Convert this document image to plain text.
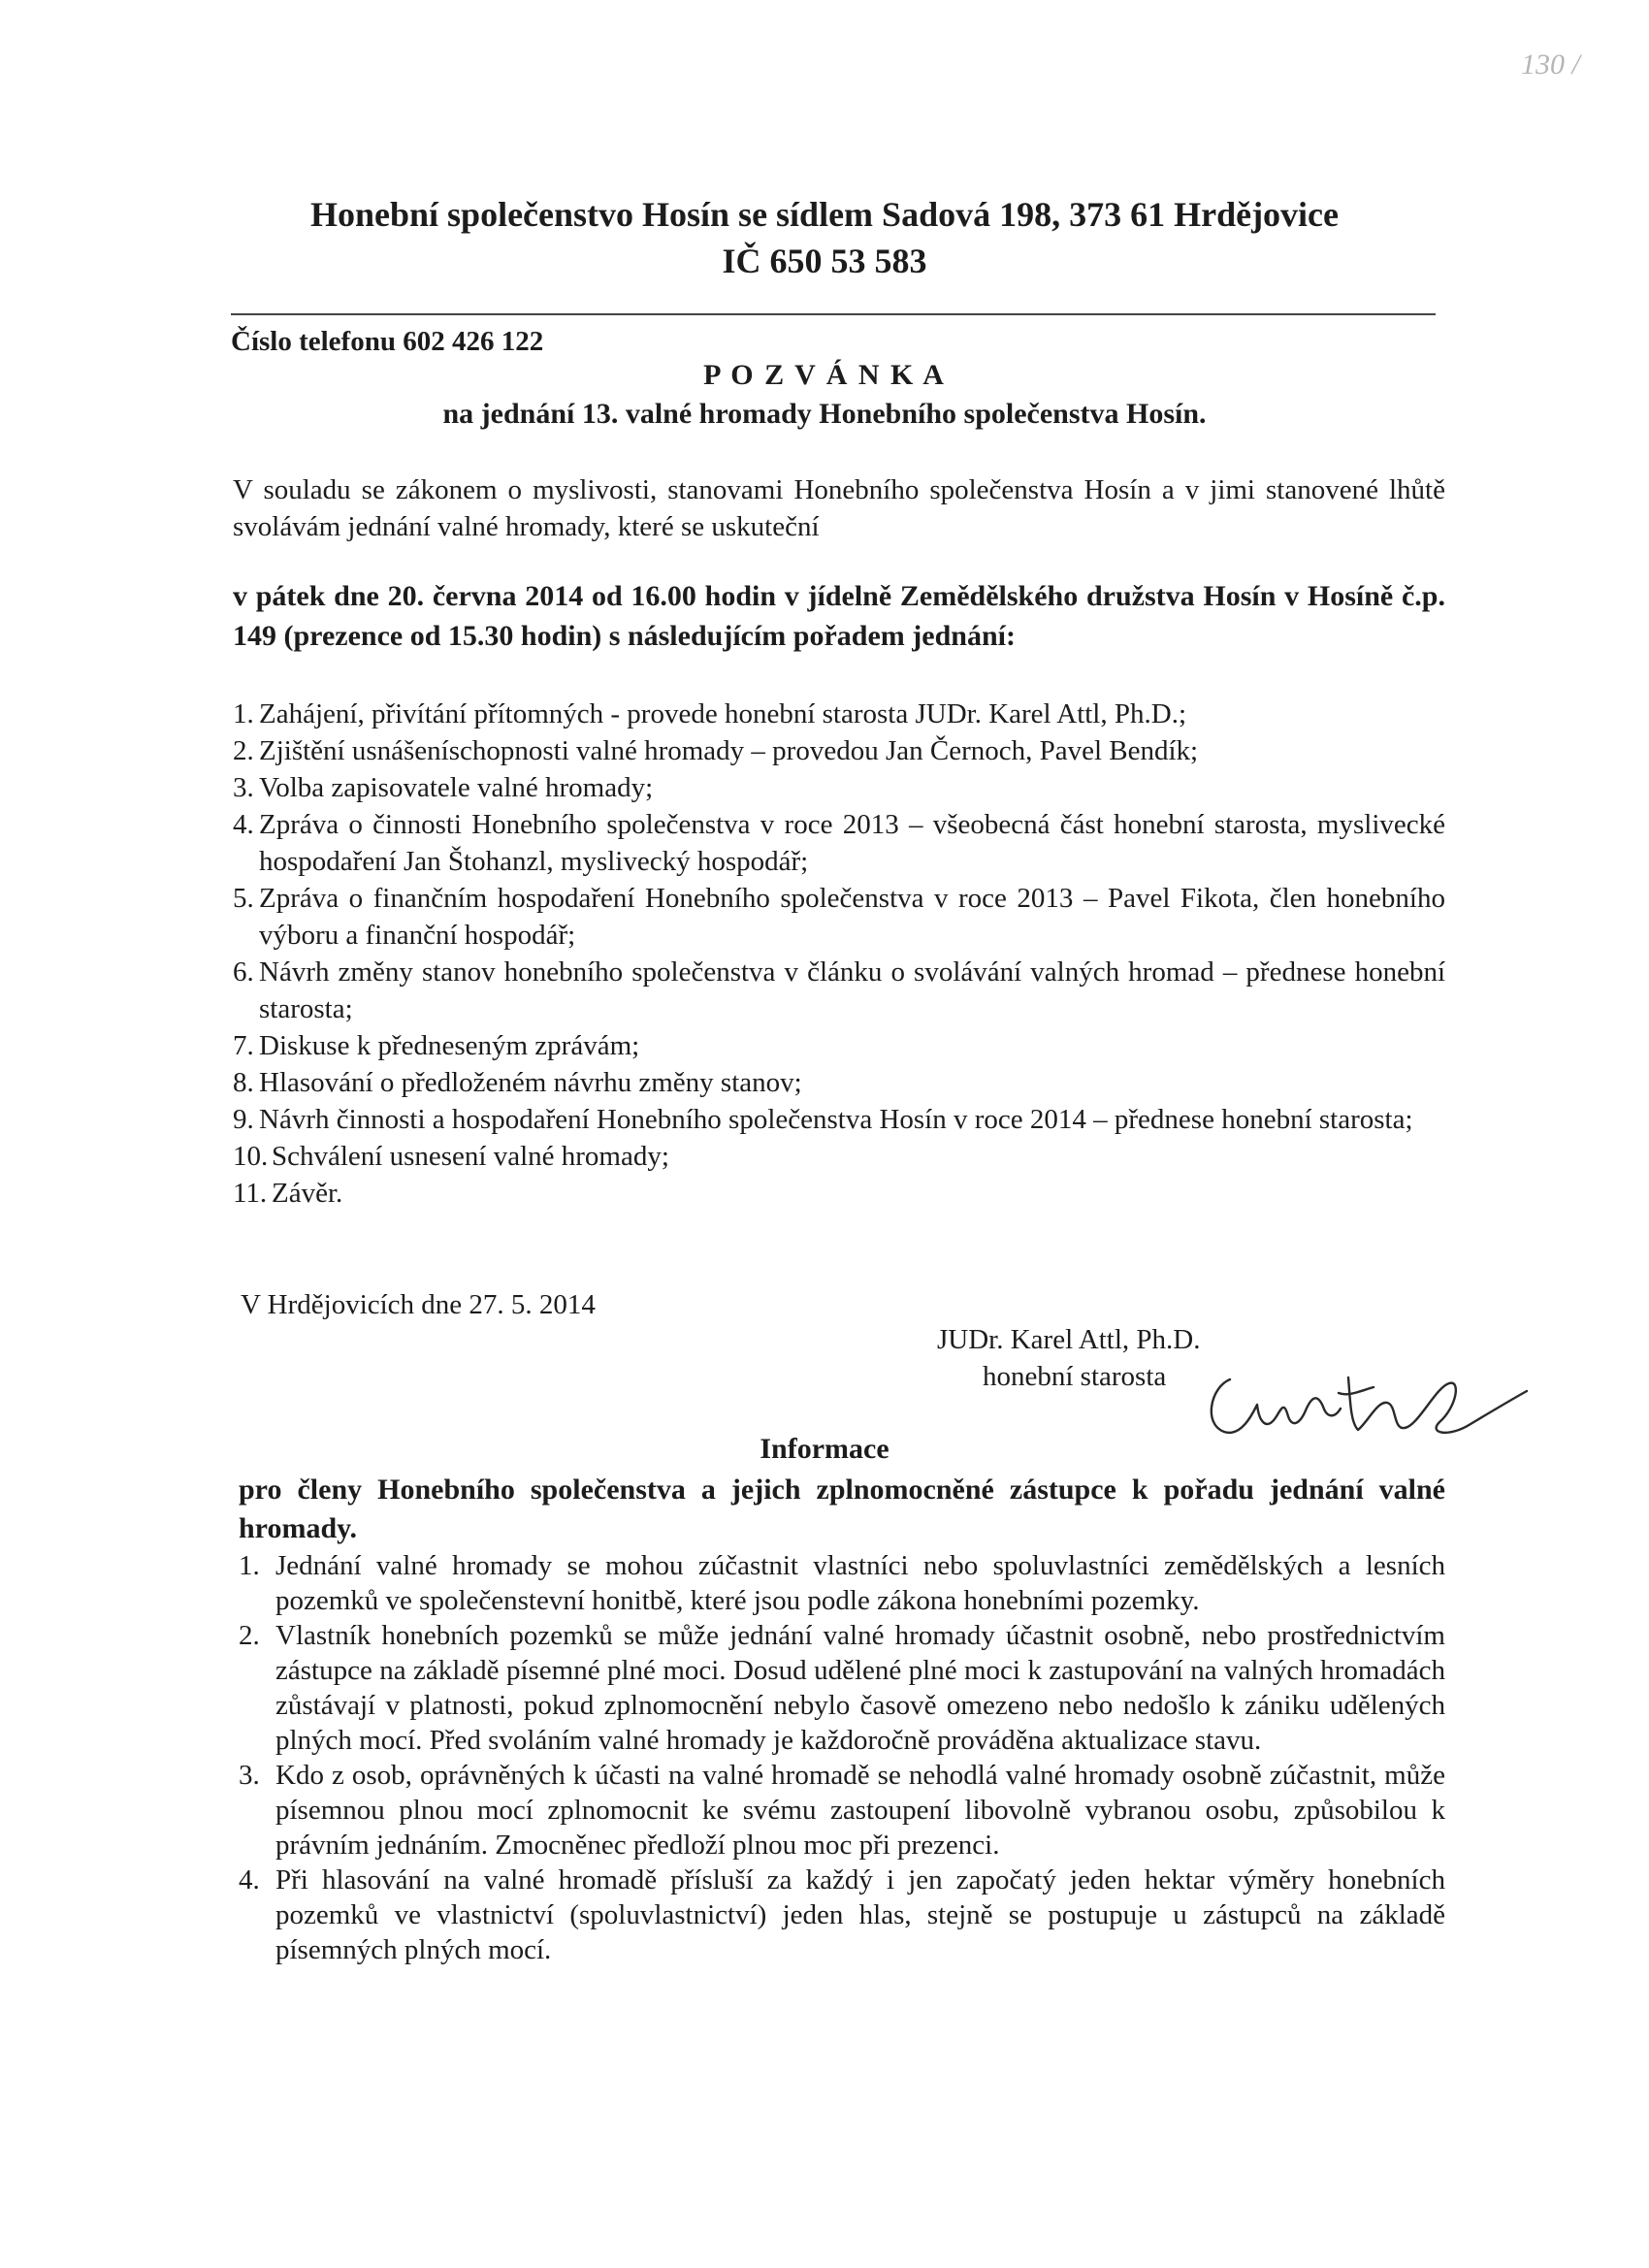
130 /
Honební společenstvo Hosín se sídlem Sadová 198, 373 61 Hrdějovice
IČ 650 53 583
Číslo telefonu 602 426 122
P O Z V Á N K A
na jednání 13. valné hromady Honebního společenstva Hosín.
V souladu se zákonem o myslivosti, stanovami Honebního společenstva Hosín a v jimi stanovené lhůtě svolávám jednání valné hromady, které se uskuteční
v pátek dne 20. června 2014 od 16.00 hodin v jídelně Zemědělského družstva Hosín v Hosíně č.p. 149 (prezence od 15.30 hodin) s následujícím pořadem jednání:
1. Zahájení, přivítání přítomných - provede honební starosta JUDr. Karel Attl, Ph.D.;
2. Zjištění usnášeníschopnosti valné hromady – provedou Jan Černoch, Pavel Bendík;
3. Volba zapisovatele valné hromady;
4. Zpráva o činnosti Honebního společenstva v roce 2013 – všeobecná část honební starosta, myslivecké hospodaření Jan Štohanzl, myslivecký hospodář;
5. Zpráva o finančním hospodaření Honebního společenstva v roce 2013 – Pavel Fikota, člen honebního výboru a finanční hospodář;
6. Návrh změny stanov honebního společenstva v článku o svolávání valných hromad – přednese honební starosta;
7. Diskuse k předneseným zprávám;
8. Hlasování o předloženém návrhu změny stanov;
9. Návrh činnosti a hospodaření Honebního společenstva Hosín v roce 2014 – přednese honební starosta;
10. Schválení usnesení valné hromady;
11. Závěr.
V Hrdějovicích dne 27. 5. 2014
JUDr. Karel Attl, Ph.D.
honební starosta
Informace
pro členy Honebního společenstva a jejich zplnomocněné zástupce k pořadu jednání valné hromady.
1. Jednání valné hromady se mohou zúčastnit vlastníci nebo spoluvlastníci zemědělských a lesních pozemků ve společenstevní honitbě, které jsou podle zákona honebními pozemky.
2. Vlastník honebních pozemků se může jednání valné hromady účastnit osobně, nebo prostřednictvím zástupce na základě písemné plné moci. Dosud udělené plné moci k zastupování na valných hromadách zůstávají v platnosti, pokud zplnomocnění nebylo časově omezeno nebo nedošlo k zániku udělených plných mocí. Před svoláním valné hromady je každoročně prováděna aktualizace stavu.
3. Kdo z osob, oprávněných k účasti na valné hromadě se nehodlá valné hromady osobně zúčastnit, může písemnou plnou mocí zplnomocnit ke svému zastoupení libovolně vybranou osobu, způsobilou k právním jednáním. Zmocněnec předloží plnou moc při prezenci.
4. Při hlasování na valné hromadě přísluší za každý i jen započatý jeden hektar výměry honebních pozemků ve vlastnictví (spoluvlastnictví) jeden hlas, stejně se postupuje u zástupců na základě písemných plných mocí.
